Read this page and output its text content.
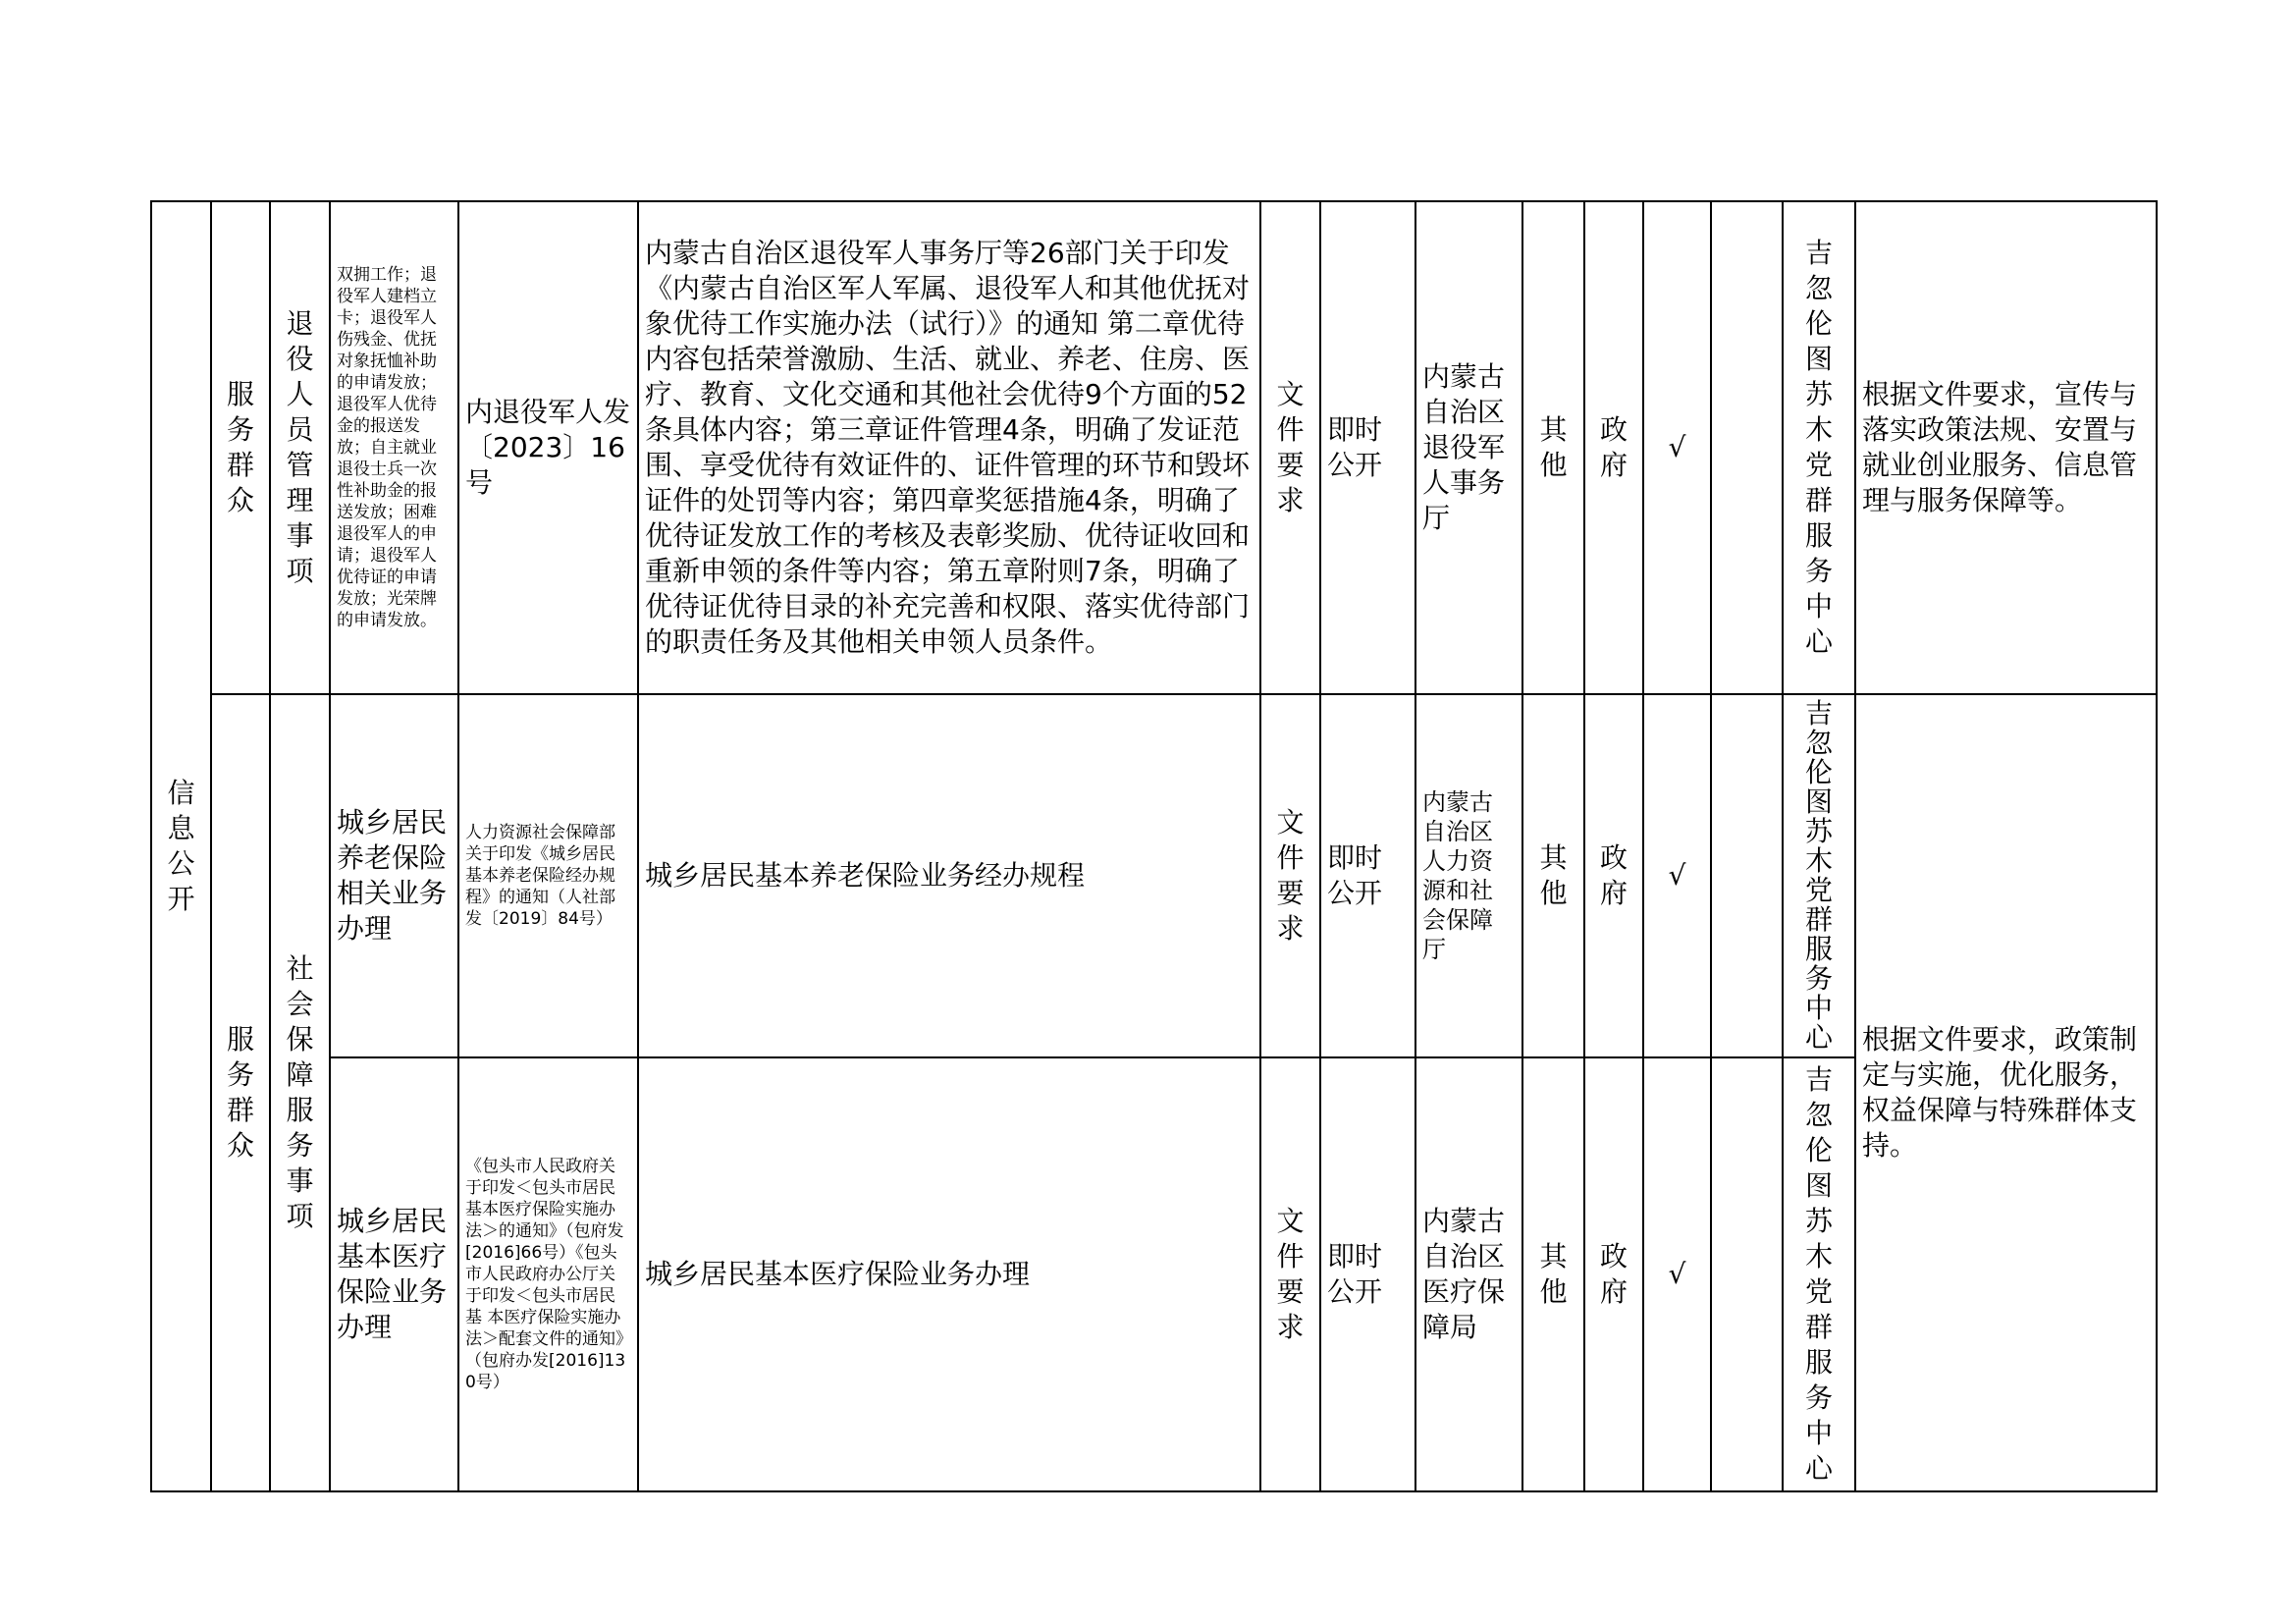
信息公开	服务群众	退役人员管理事项	双拥工作；退役军人建档立卡；退役军人伤残金、优抚对象抚恤补助的申请发放；退役军人优待金的报送发放；自主就业退役士兵一次性补助金的报送发放；困难退役军人的申请；退役军人优待证的申请发放；光荣牌的申请发放。	内退役军人发〔2023〕16号	内蒙古自治区退役军人事务厅等26部门关于印发《内蒙古自治区军人军属、退役军人和其他优抚对象优待工作实施办法（试行）》的通知 第二章优待内容包括荣誉激励、生活、就业、养老、住房、医疗、教育、文化交通和其他社会优待9个方面的52条具体内容；第三章证件管理4条，明确了发证范围、享受优待有效证件的、证件管理的环节和毁坏证件的处罚等内容；第四章奖惩措施4条，明确了优待证发放工作的考核及表彰奖励、优待证收回和重新申领的条件等内容；第五章附则7条，明确了优待证优待目录的补充完善和权限、落实优待部门的职责任务及其他相关申领人员条件。	文件要求	即时公开	内蒙古自治区退役军人事务厅	其他	政府	√		吉忽伦图苏木党群服务中心	根据文件要求，宣传与落实政策法规、安置与就业创业服务、信息管理与服务保障等。

	服务群众	社会保障服务事项	城乡居民养老保险相关业务办理	人力资源社会保障部关于印发《城乡居民基本养老保险经办规程》的通知（人社部发〔2019〕84号）	城乡居民基本养老保险业务经办规程	文件要求	即时公开	内蒙古自治区人力资源和社会保障厅	其他	政府	√		吉忽伦图苏木党群服务中心	根据文件要求，政策制定与实施，优化服务，权益保障与特殊群体支持。
			城乡居民基本医疗保险业务办理	《包头市人民政府关于印发＜包头市居民基本医疗保险实施办法＞的通知》（包府发[2016]66号）《包头市人民政府办公厅关于印发＜包头市居民基 本医疗保险实施办法＞配套文件的通知》（包府办发[2016]130号）	城乡居民基本医疗保险业务办理	文件要求	即时公开	内蒙古自治区医疗保障局	其他	政府	√		吉忽伦图苏木党群服务中心	
